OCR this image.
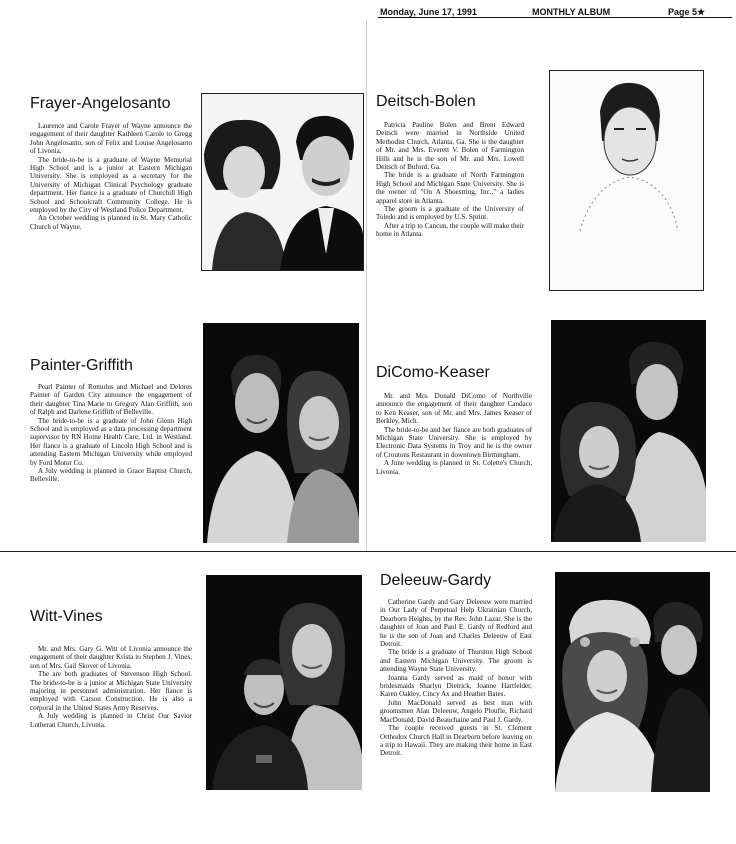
Monday, June 17, 1991	MONTHLY ALBUM	Page 5★
Frayer-Angelosanto

Laurence and Carole Frayer of Wayne announce the engagement of their daughter Kathleen Carole to Gregg John Angelosanto, son of Felix and Louise Angelosanto of Livonia.

The bride-to-be is a graduate of Wayne Memorial High School and is a junior at Eastern Michigan University. She is employed as a secretary for the University of Michigan Clinical Psychology graduate department. Her fiance is a graduate of Churchill High School and Schoolcraft Community College. He is employed by the City of Westland Police Department.

An October wedding is planned in St. Mary Catholic Church of Wayne.

Deitsch-Bolen

Patricia Pauline Bolen and Brent Edward Deitsch were married in Northside United Methodist Church, Atlanta, Ga. She is the daughter of Mr. and Mrs. Everett V. Bolen of Farmington Hills and he is the son of Mr. and Mrs. Lowell Deitsch of Buford, Ga.

The bride is a graduate of North Farmington High School and Michigan State University. She is the owner of "On A Shoestring, Inc.," a ladies apparel store in Atlanta.

The groom is a graduate of the University of Toledo and is employed by U.S. Sprint.

After a trip to Cancun, the couple will make their home in Atlanta.

Painter-Griffith

Pearl Painter of Romulus and Michael and Delores Painter of Garden City announce the engagement of their daughter Tina Marie to Gregory Alan Griffith, son of Ralph and Darlene Griffith of Belleville.

The bride-to-be is a graduate of John Glenn High School and is employed as a data processing department supervisor by RN Home Health Care, Ltd. in Westland. Her fiance is a graduate of Lincoln High School and is attending Eastern Michigan University while employed by Ford Motor Co.

A July wedding is planned in Grace Baptist Church, Belleville.

DiComo-Keaser

Mr. and Mrs. Donald DiComo of Northville announce the engagement of their daughter Candace to Ken Keaser, son of Mr. and Mrs. James Keaser of Berkley, Mich.

The bride-to-be and her fiance are both graduates of Michigan State University. She is employed by Electronic Data Systems in Troy and he is the owner of Croutons Restaurant in downtown Birmingham.

A June wedding is planned in St. Colette's Church, Livonia.

Witt-Vines

Mr. and Mrs. Gary G. Witt of Livonia announce the engagement of their daughter Krista to Stephen J. Vines, son of Mrs. Gail Skover of Livonia.

The are both graduates of Stevenson High School. The bride-to-be is a junior at Michigan State University majoring in personnel administration. Her fiance is employed with Carson Construction. He is also a corporal in the United States Army Reserves.

A July wedding is planned in Christ Our Savior Lutheran Church, Livonia.

Deleeuw-Gardy

Catherine Gardy and Gary Deleeuw were married in Our Lady of Perpetual Help Ukrainian Church, Dearborn Heights, by the Rev. John Lazar. She is the daughter of Joan and Paul E. Gardy of Redford and he is the son of Joan and Charles Deleeuw of East Detroit.

The bride is a graduate of Thurston High School and Eastern Michigan University. The groom is attending Wayne State University.

Joanna Gardy served as maid of honor with bridesmaids Sharlyn Dietrick, Joanne Hartfelder, Karen Oakley, Cincy Ax and Heather Bates.

John MacDonald served as best man with groomsmen Alan Deleeuw, Angelo Ploufle, Richard MacDonald, David Beauchaine and Paul J. Gardy.

The couple received guests in St. Clement Orthodox Church Hall in Dearborn before leaving on a trip to Hawaii. They are making their home in East Detroit.
